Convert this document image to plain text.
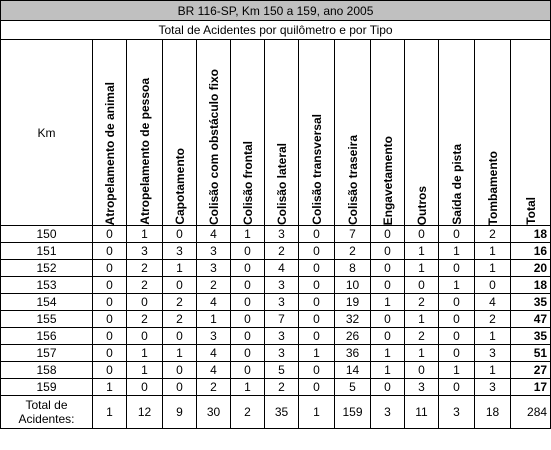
BR 116-SP, Km 150 a 159, ano 2005													
Total de Acidentes por quilômetro e por Tipo													
Km	Atropelamento de animal	Atropelamento de pessoa	Capotamento	Colisão com obstáculo fixo	Colisão frontal	Colisão lateral	Colisão transversal	Colisão traseira	Engavetamento	Outros	Saída de pista	Tombamento	Total

150	0	1	0	4	1	3	0	7	0	0	0	2	18
151	0	3	3	3	0	2	0	2	0	1	1	1	16
152	0	2	1	3	0	4	0	8	0	1	0	1	20
153	0	2	0	2	0	3	0	10	0	0	1	0	18
154	0	0	2	4	0	3	0	19	1	2	0	4	35
155	0	2	2	1	0	7	0	32	0	1	0	2	47
156	0	0	0	3	0	3	0	26	0	2	0	1	35
157	0	1	1	4	0	3	1	36	1	1	0	3	51
158	0	1	0	4	0	5	0	14	1	0	1	1	27
159	1	0	0	2	1	2	0	5	0	3	0	3	17
Total de
Acidentes:	1	12	9	30	2	35	1	159	3	11	3	18	284
